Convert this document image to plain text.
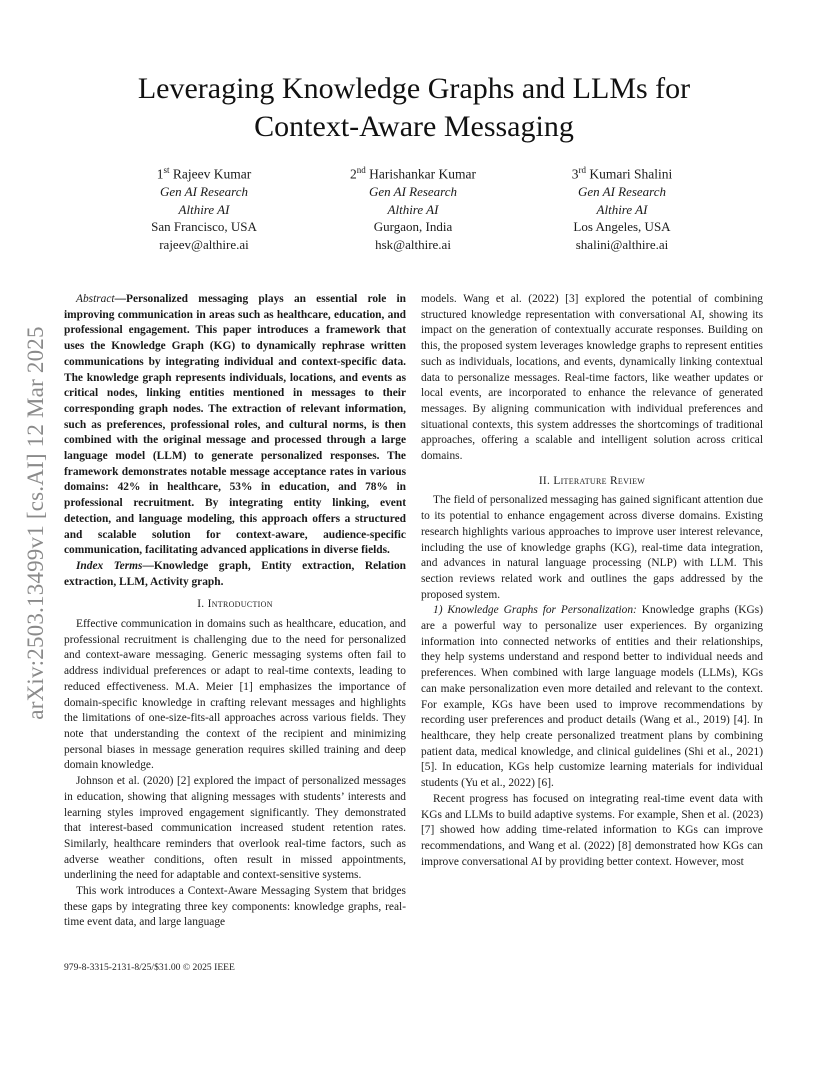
arXiv:2503.13499v1 [cs.AI] 12 Mar 2025
Leveraging Knowledge Graphs and LLMs for
Context-Aware Messaging
1st Rajeev Kumar
Gen AI Research
Althire AI
San Francisco, USA
rajeev@althire.ai
2nd Harishankar Kumar
Gen AI Research
Althire AI
Gurgaon, India
hsk@althire.ai
3rd Kumari Shalini
Gen AI Research
Althire AI
Los Angeles, USA
shalini@althire.ai

Abstract—Personalized messaging plays an essential role in improving communication in areas such as healthcare, education, and professional engagement. This paper introduces a framework that uses the Knowledge Graph (KG) to dynamically rephrase written communications by integrating individual and context-specific data. The knowledge graph represents individuals, locations, and events as critical nodes, linking entities mentioned in messages to their corresponding graph nodes. The extraction of relevant information, such as preferences, professional roles, and cultural norms, is then combined with the original message and processed through a large language model (LLM) to generate personalized responses. The framework demonstrates notable message acceptance rates in various domains: 42% in healthcare, 53% in education, and 78% in professional recruitment. By integrating entity linking, event detection, and language modeling, this approach offers a structured and scalable solution for context-aware, audience-specific communication, facilitating advanced applications in diverse fields.

Index Terms—Knowledge graph, Entity extraction, Relation extraction, LLM, Activity graph.

I. Introduction

Effective communication in domains such as healthcare, education, and professional recruitment is challenging due to the need for personalized and context-aware messaging. Generic messaging systems often fail to address individual preferences or adapt to real-time contexts, leading to reduced effectiveness. M.A. Meier [1] emphasizes the importance of domain-specific knowledge in crafting relevant messages and highlights the limitations of one-size-fits-all approaches across various fields. They note that understanding the context of the recipient and minimizing personal biases in message generation requires skilled training and deep domain knowledge.

Johnson et al. (2020) [2] explored the impact of personalized messages in education, showing that aligning messages with students’ interests and learning styles improved engagement significantly. They demonstrated that interest-based communication increased student retention rates. Similarly, healthcare reminders that overlook real-time factors, such as adverse weather conditions, often result in missed appointments, underlining the need for adaptable and context-sensitive systems.

This work introduces a Context-Aware Messaging System that bridges these gaps by integrating three key components: knowledge graphs, real-time event data, and large language

models. Wang et al. (2022) [3] explored the potential of combining structured knowledge representation with conversational AI, showing its impact on the generation of contextually accurate responses. Building on this, the proposed system leverages knowledge graphs to represent entities such as individuals, locations, and events, dynamically linking contextual data to personalize messages. Real-time factors, like weather updates or local events, are incorporated to enhance the relevance of generated messages. By aligning communication with individual preferences and situational contexts, this system addresses the shortcomings of traditional approaches, offering a scalable and intelligent solution across critical domains.

II. Literature Review

The field of personalized messaging has gained significant attention due to its potential to enhance engagement across diverse domains. Existing research highlights various approaches to improve user interest relevance, including the use of knowledge graphs (KG), real-time data integration, and advances in natural language processing (NLP) with LLM. This section reviews related work and outlines the gaps addressed by the proposed system.

1) Knowledge Graphs for Personalization: Knowledge graphs (KGs) are a powerful way to personalize user experiences. By organizing information into connected networks of entities and their relationships, they help systems understand and respond better to individual needs and preferences. When combined with large language models (LLMs), KGs can make personalization even more detailed and relevant to the context. For example, KGs have been used to improve recommendations by recording user preferences and product details (Wang et al., 2019) [4]. In healthcare, they help create personalized treatment plans by combining patient data, medical knowledge, and clinical guidelines (Shi et al., 2021) [5]. In education, KGs help customize learning materials for individual students (Yu et al., 2022) [6].

Recent progress has focused on integrating real-time event data with KGs and LLMs to build adaptive systems. For example, Shen et al. (2023) [7] showed how adding time-related information to KGs can improve recommendations, and Wang et al. (2022) [8] demonstrated how KGs can improve conversational AI by providing better context. However, most

979-8-3315-2131-8/25/$31.00 © 2025 IEEE
